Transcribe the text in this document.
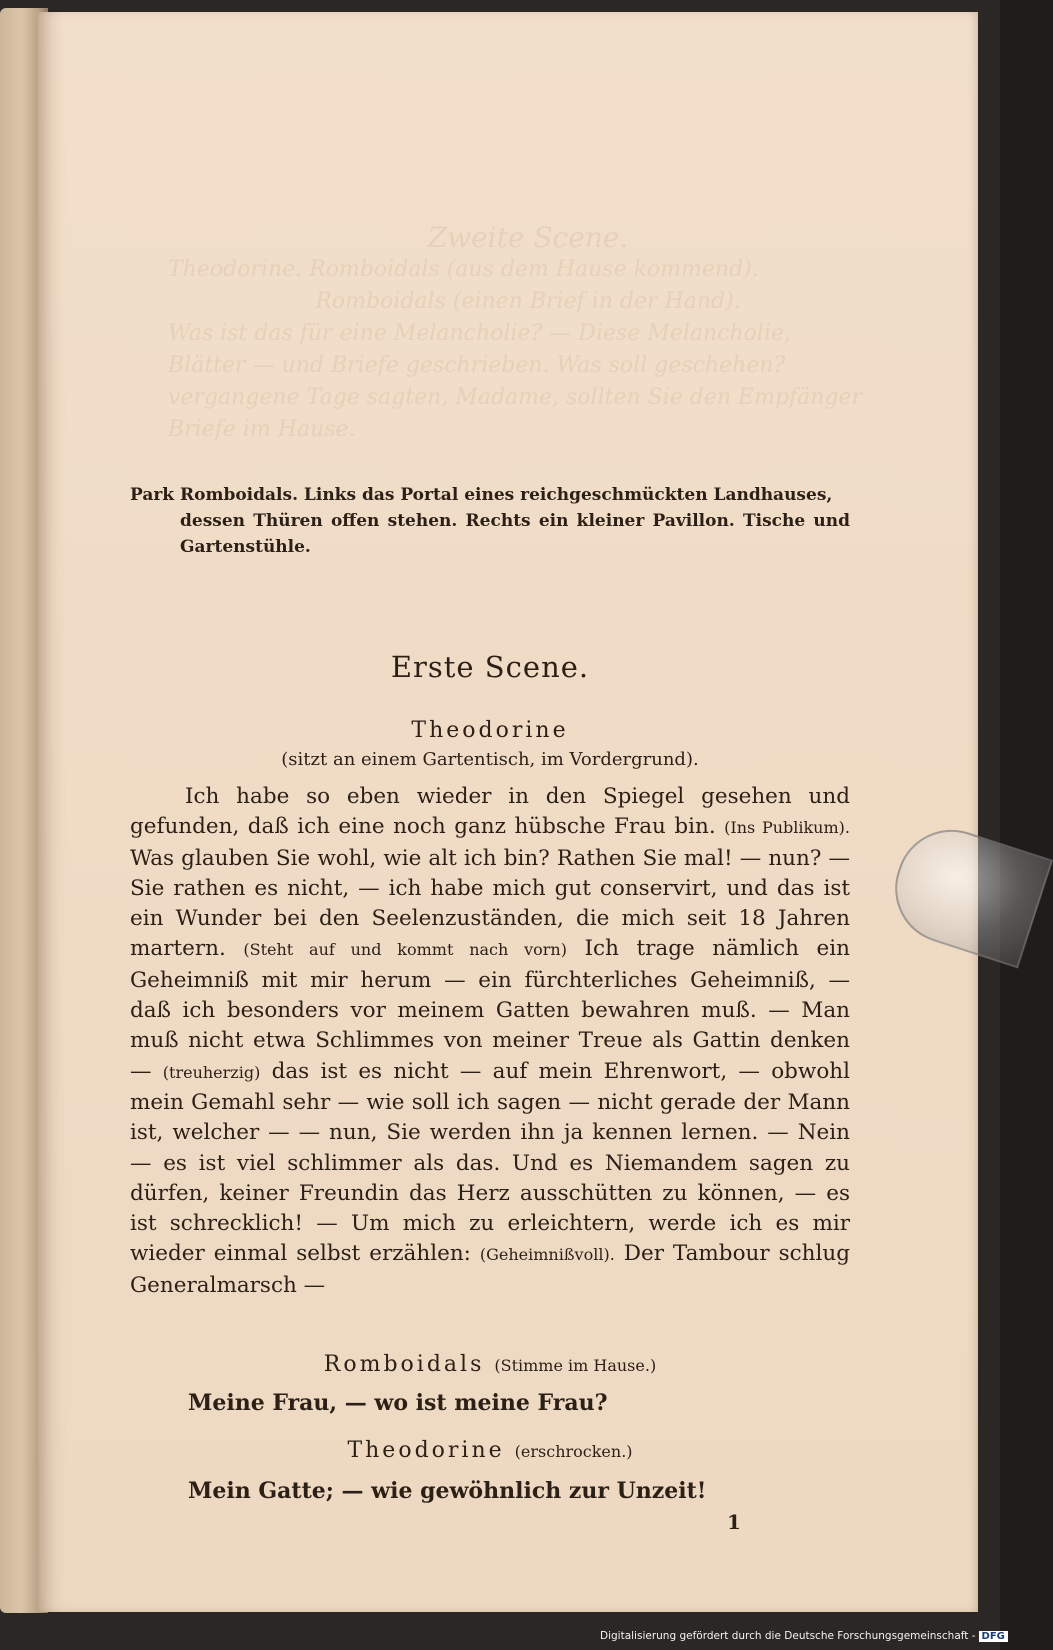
Zweite Scene.
Theodorine. Romboidals (aus dem Hause kommend).
Romboidals (einen Brief in der Hand).
Was ist das für eine Melancholie? — Diese Melancholie,
Blätter — und Briefe geschrieben. Was soll geschehen?
vergangene Tage sagten, Madame, sollten Sie den Empfänger
Briefe im Hause.
Park Romboidals. Links das Portal eines reichgeschmückten Landhauses,
dessen Thüren offen stehen. Rechts ein kleiner Pavillon. Tische und Gartenstühle.
Erste Scene.
Theodorine
(sitzt an einem Gartentisch, im Vordergrund).
Ich habe so eben wieder in den Spiegel gesehen und gefunden, daß ich eine noch ganz hübsche Frau bin. (Ins Publikum). Was glauben Sie wohl, wie alt ich bin? Rathen Sie mal! — nun? — Sie rathen es nicht, — ich habe mich gut conservirt, und das ist ein Wunder bei den Seelenzuständen, die mich seit 18 Jahren martern. (Steht auf und kommt nach vorn) Ich trage nämlich ein Geheimniß mit mir herum — ein fürchterliches Geheimniß, — daß ich besonders vor meinem Gatten bewahren muß. — Man muß nicht etwa Schlimmes von meiner Treue als Gattin denken — (treuherzig) das ist es nicht — auf mein Ehrenwort, — obwohl mein Gemahl sehr — wie soll ich sagen — nicht gerade der Mann ist, welcher — — nun, Sie werden ihn ja kennen lernen. — Nein — es ist viel schlimmer als das. Und es Niemandem sagen zu dürfen, keiner Freundin das Herz ausschütten zu können, — es ist schrecklich! — Um mich zu erleichtern, werde ich es mir wieder einmal selbst erzählen: (Geheimnißvoll). Der Tambour schlug Generalmarsch —
Romboidals (Stimme im Hause.)
Meine Frau, — wo ist meine Frau?
Theodorine (erschrocken.)
Mein Gatte; — wie gewöhnlich zur Unzeit!
1
Digitalisierung gefördert durch die Deutsche Forschungsgemeinschaft - DFG
